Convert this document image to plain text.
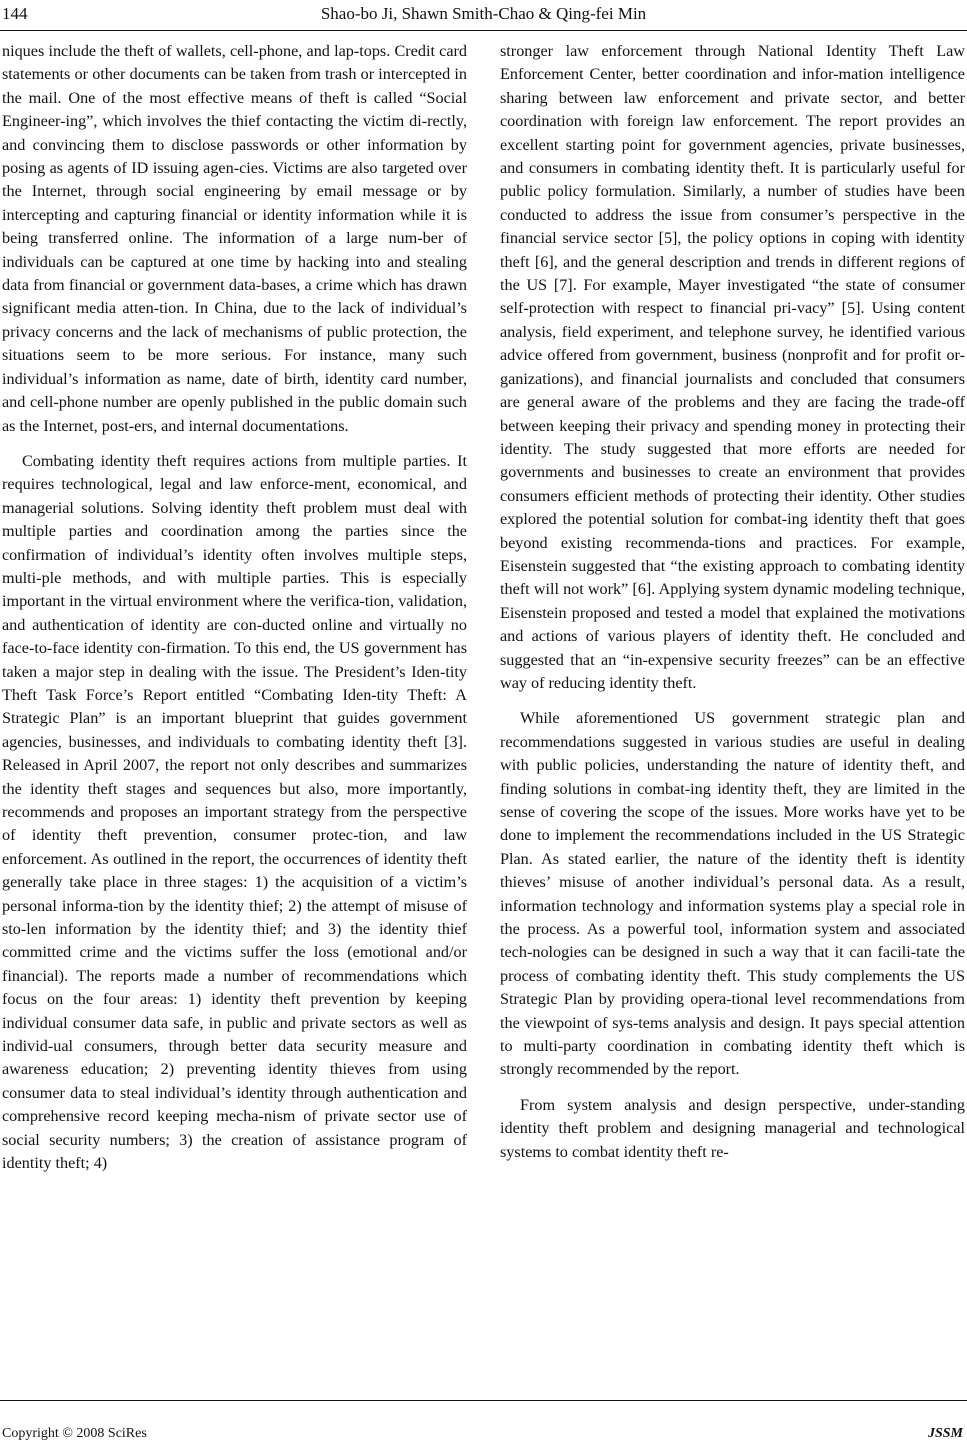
144	Shao-bo Ji, Shawn Smith-Chao & Qing-fei Min

niques include the theft of wallets, cell-phone, and lap-tops. Credit card statements or other documents can be taken from trash or intercepted in the mail. One of the most effective means of theft is called “Social Engineer-ing”, which involves the thief contacting the victim di-rectly, and convincing them to disclose passwords or other information by posing as agents of ID issuing agen-cies. Victims are also targeted over the Internet, through social engineering by email message or by intercepting and capturing financial or identity information while it is being transferred online. The information of a large num-ber of individuals can be captured at one time by hacking into and stealing data from financial or government data-bases, a crime which has drawn significant media atten-tion. In China, due to the lack of individual’s privacy concerns and the lack of mechanisms of public protection, the situations seem to be more serious. For instance, many such individual’s information as name, date of birth, identity card number, and cell-phone number are openly published in the public domain such as the Internet, post-ers, and internal documentations.

Combating identity theft requires actions from multiple parties. It requires technological, legal and law enforce-ment, economical, and managerial solutions. Solving identity theft problem must deal with multiple parties and coordination among the parties since the confirmation of individual’s identity often involves multiple steps, multi-ple methods, and with multiple parties. This is especially important in the virtual environment where the verifica-tion, validation, and authentication of identity are con-ducted online and virtually no face-to-face identity con-firmation. To this end, the US government has taken a major step in dealing with the issue. The President’s Iden-tity Theft Task Force’s Report entitled “Combating Iden-tity Theft: A Strategic Plan” is an important blueprint that guides government agencies, businesses, and individuals to combating identity theft [3]. Released in April 2007, the report not only describes and summarizes the identity theft stages and sequences but also, more importantly, recommends and proposes an important strategy from the perspective of identity theft prevention, consumer protec-tion, and law enforcement. As outlined in the report, the occurrences of identity theft generally take place in three stages: 1) the acquisition of a victim’s personal informa-tion by the identity thief; 2) the attempt of misuse of sto-len information by the identity thief; and 3) the identity thief committed crime and the victims suffer the loss (emotional and/or financial). The reports made a number of recommendations which focus on the four areas: 1) identity theft prevention by keeping individual consumer data safe, in public and private sectors as well as individ-ual consumers, through better data security measure and awareness education; 2) preventing identity thieves from using consumer data to steal individual’s identity through authentication and comprehensive record keeping mecha-nism of private sector use of social security numbers; 3) the creation of assistance program of identity theft; 4)

stronger law enforcement through National Identity Theft Law Enforcement Center, better coordination and infor-mation intelligence sharing between law enforcement and private sector, and better coordination with foreign law enforcement. The report provides an excellent starting point for government agencies, private businesses, and consumers in combating identity theft. It is particularly useful for public policy formulation. Similarly, a number of studies have been conducted to address the issue from consumer’s perspective in the financial service sector [5], the policy options in coping with identity theft [6], and the general description and trends in different regions of the US [7]. For example, Mayer investigated “the state of consumer self-protection with respect to financial pri-vacy” [5]. Using content analysis, field experiment, and telephone survey, he identified various advice offered from government, business (nonprofit and for profit or-ganizations), and financial journalists and concluded that consumers are general aware of the problems and they are facing the trade-off between keeping their privacy and spending money in protecting their identity. The study suggested that more efforts are needed for governments and businesses to create an environment that provides consumers efficient methods of protecting their identity. Other studies explored the potential solution for combat-ing identity theft that goes beyond existing recommenda-tions and practices. For example, Eisenstein suggested that “the existing approach to combating identity theft will not work” [6]. Applying system dynamic modeling technique, Eisenstein proposed and tested a model that explained the motivations and actions of various players of identity theft. He concluded and suggested that an “in-expensive security freezes” can be an effective way of reducing identity theft.

While aforementioned US government strategic plan and recommendations suggested in various studies are useful in dealing with public policies, understanding the nature of identity theft, and finding solutions in combat-ing identity theft, they are limited in the sense of covering the scope of the issues. More works have yet to be done to implement the recommendations included in the US Strategic Plan. As stated earlier, the nature of the identity theft is identity thieves’ misuse of another individual’s personal data. As a result, information technology and information systems play a special role in the process. As a powerful tool, information system and associated tech-nologies can be designed in such a way that it can facili-tate the process of combating identity theft. This study complements the US Strategic Plan by providing opera-tional level recommendations from the viewpoint of sys-tems analysis and design. It pays special attention to multi-party coordination in combating identity theft which is strongly recommended by the report.

From system analysis and design perspective, under-standing identity theft problem and designing managerial and technological systems to combat identity theft re-

Copyright © 2008 SciRes	JSSM
